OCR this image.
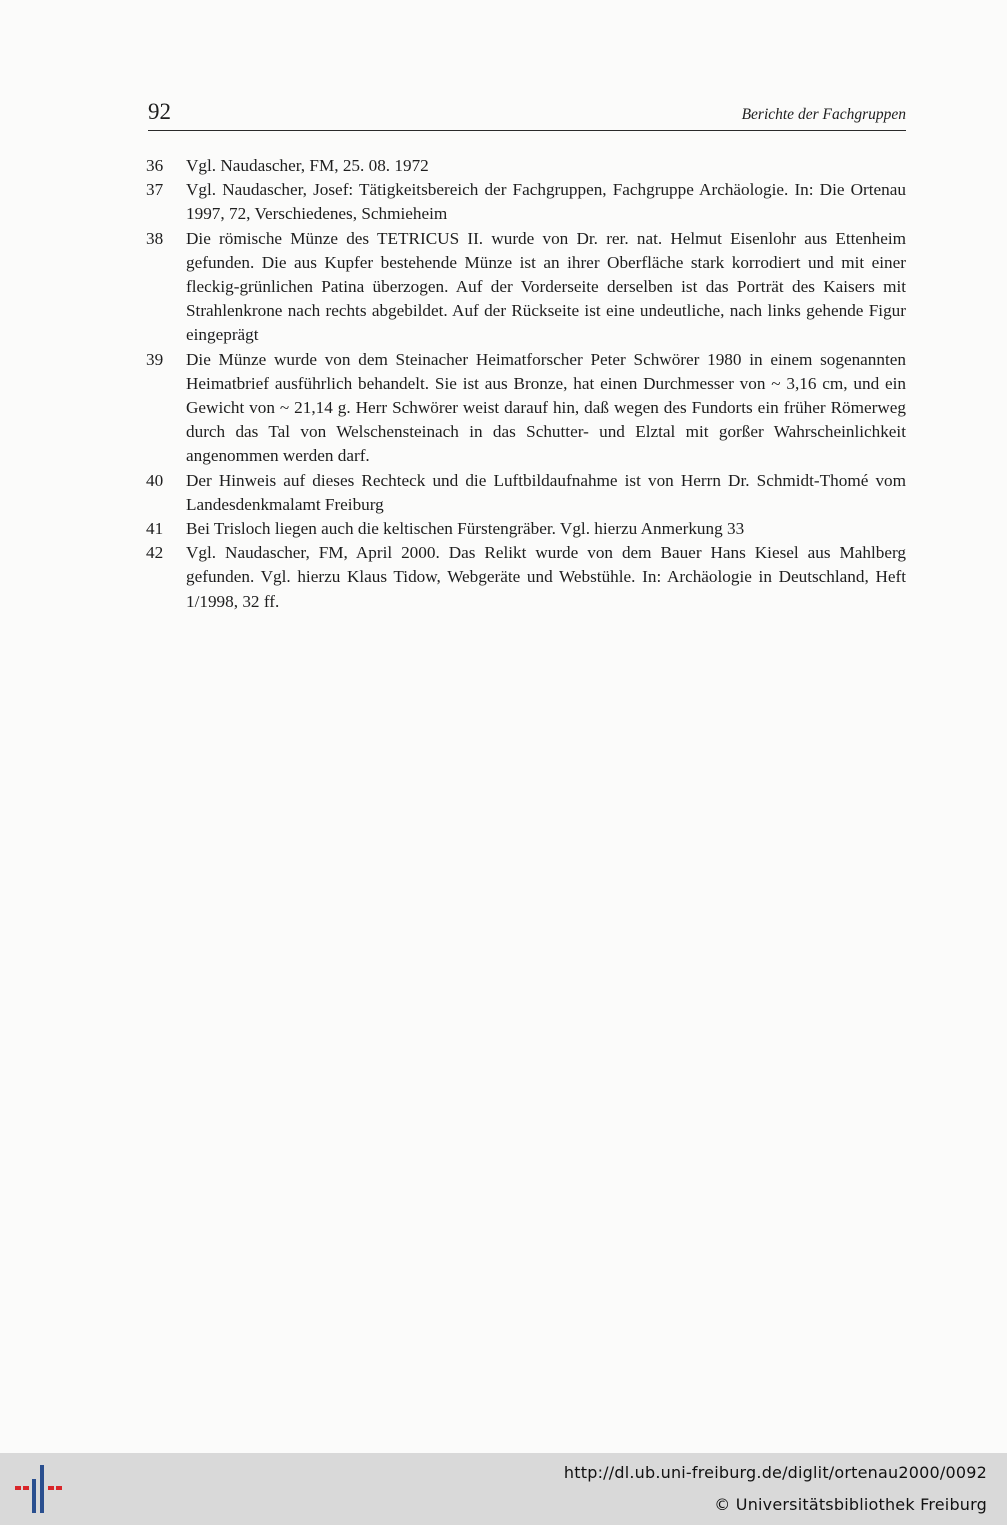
92	Berichte der Fachgruppen
36 Vgl. Naudascher, FM, 25. 08. 1972
37 Vgl. Naudascher, Josef: Tätigkeitsbereich der Fachgruppen, Fachgruppe Archäologie. In: Die Ortenau 1997, 72, Verschiedenes, Schmieheim
38 Die römische Münze des TETRICUS II. wurde von Dr. rer. nat. Helmut Eisenlohr aus Ettenheim gefunden. Die aus Kupfer bestehende Münze ist an ihrer Oberfläche stark korrodiert und mit einer fleckig-grünlichen Patina überzogen. Auf der Vorderseite derselben ist das Porträt des Kaisers mit Strahlenkrone nach rechts abgebildet. Auf der Rückseite ist eine undeutliche, nach links gehende Figur eingeprägt
39 Die Münze wurde von dem Steinacher Heimatforscher Peter Schwörer 1980 in einem sogenannten Heimatbrief ausführlich behandelt. Sie ist aus Bronze, hat einen Durchmesser von ~ 3,16 cm, und ein Gewicht von ~ 21,14 g. Herr Schwörer weist darauf hin, daß wegen des Fundorts ein früher Römerweg durch das Tal von Welschensteinach in das Schutter- und Elztal mit gorßer Wahrscheinlichkeit angenommen werden darf.
40 Der Hinweis auf dieses Rechteck und die Luftbildaufnahme ist von Herrn Dr. Schmidt-Thomé vom Landesdenkmalamt Freiburg
41 Bei Trisloch liegen auch die keltischen Fürstengräber. Vgl. hierzu Anmerkung 33
42 Vgl. Naudascher, FM, April 2000. Das Relikt wurde von dem Bauer Hans Kiesel aus Mahlberg gefunden. Vgl. hierzu Klaus Tidow, Webgeräte und Webstühle. In: Archäologie in Deutschland, Heft 1/1998, 32 ff.
http://dl.ub.uni-freiburg.de/diglit/ortenau2000/0092
© Universitätsbibliothek Freiburg
